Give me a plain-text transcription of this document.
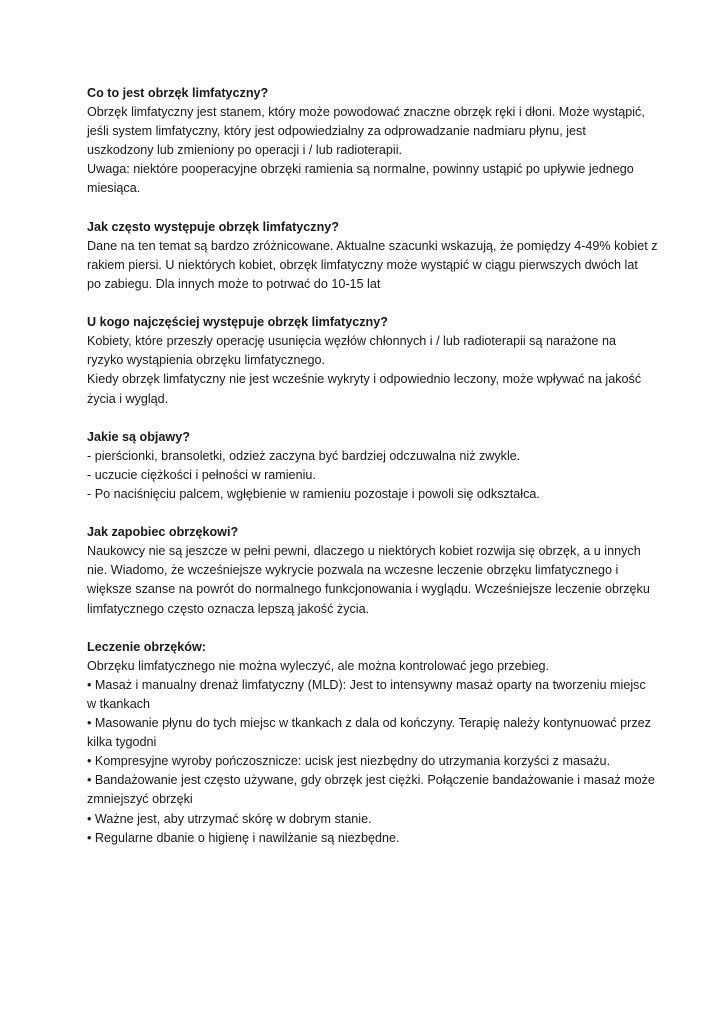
Co to jest obrzęk limfatyczny?

Obrzęk limfatyczny jest stanem, który może powodować znaczne obrzęk ręki i dłoni. Może wystąpić,

jeśli system limfatyczny, który jest odpowiedzialny za odprowadzanie nadmiaru płynu, jest

uszkodzony lub zmieniony po operacji i / lub radioterapii.

Uwaga: niektóre pooperacyjne obrzęki ramienia są normalne, powinny ustąpić po upływie jednego

miesiąca.

Jak często występuje obrzęk limfatyczny?

Dane na ten temat są bardzo zróżnicowane. Aktualne szacunki wskazują, że pomiędzy 4-49% kobiet z

rakiem piersi. U niektórych kobiet, obrzęk limfatyczny może wystąpić w ciągu pierwszych dwóch lat

po zabiegu. Dla innych może to potrwać do 10-15 lat

U kogo najczęściej występuje obrzęk limfatyczny?

Kobiety, które przeszły operację usunięcia węzłów chłonnych i / lub radioterapii są narażone na

ryzyko wystąpienia obrzęku limfatycznego.

Kiedy obrzęk limfatyczny nie jest wcześnie wykryty i odpowiednio leczony, może wpływać na jakość

życia i wygląd.

Jakie są objawy?

- pierścionki, bransoletki, odzież zaczyna być bardziej odczuwalna niż zwykle.

- uczucie ciężkości i pełności w ramieniu.

- Po naciśnięciu palcem, wgłębienie w ramieniu pozostaje i powoli się odkształca.

Jak zapobiec obrzękowi?

Naukowcy nie są jeszcze w pełni pewni, dlaczego u niektórych kobiet rozwija się obrzęk, a u innych

nie. Wiadomo, że wcześniejsze wykrycie pozwala na wczesne leczenie obrzęku limfatycznego i

większe szanse na powrót do normalnego funkcjonowania i wyglądu. Wcześniejsze leczenie obrzęku

limfatycznego często oznacza lepszą jakość życia.

Leczenie obrzęków:

Obrzęku limfatycznego nie można wyleczyć, ale można kontrolować jego przebieg.

• Masaż i manualny drenaż limfatyczny (MLD): Jest to intensywny masaż oparty na tworzeniu miejsc

w tkankach

• Masowanie płynu do tych miejsc w tkankach z dala od kończyny. Terapię należy kontynuować przez

kilka tygodni

• Kompresyjne wyroby pończosznicze: ucisk jest niezbędny do utrzymania korzyści z masażu.

• Bandażowanie jest często używane, gdy obrzęk jest ciężki. Połączenie bandażowanie i masaż może

zmniejszyć obrzęki

• Ważne jest, aby utrzymać skórę w dobrym stanie.

• Regularne dbanie o higienę i nawilżanie są niezbędne.
